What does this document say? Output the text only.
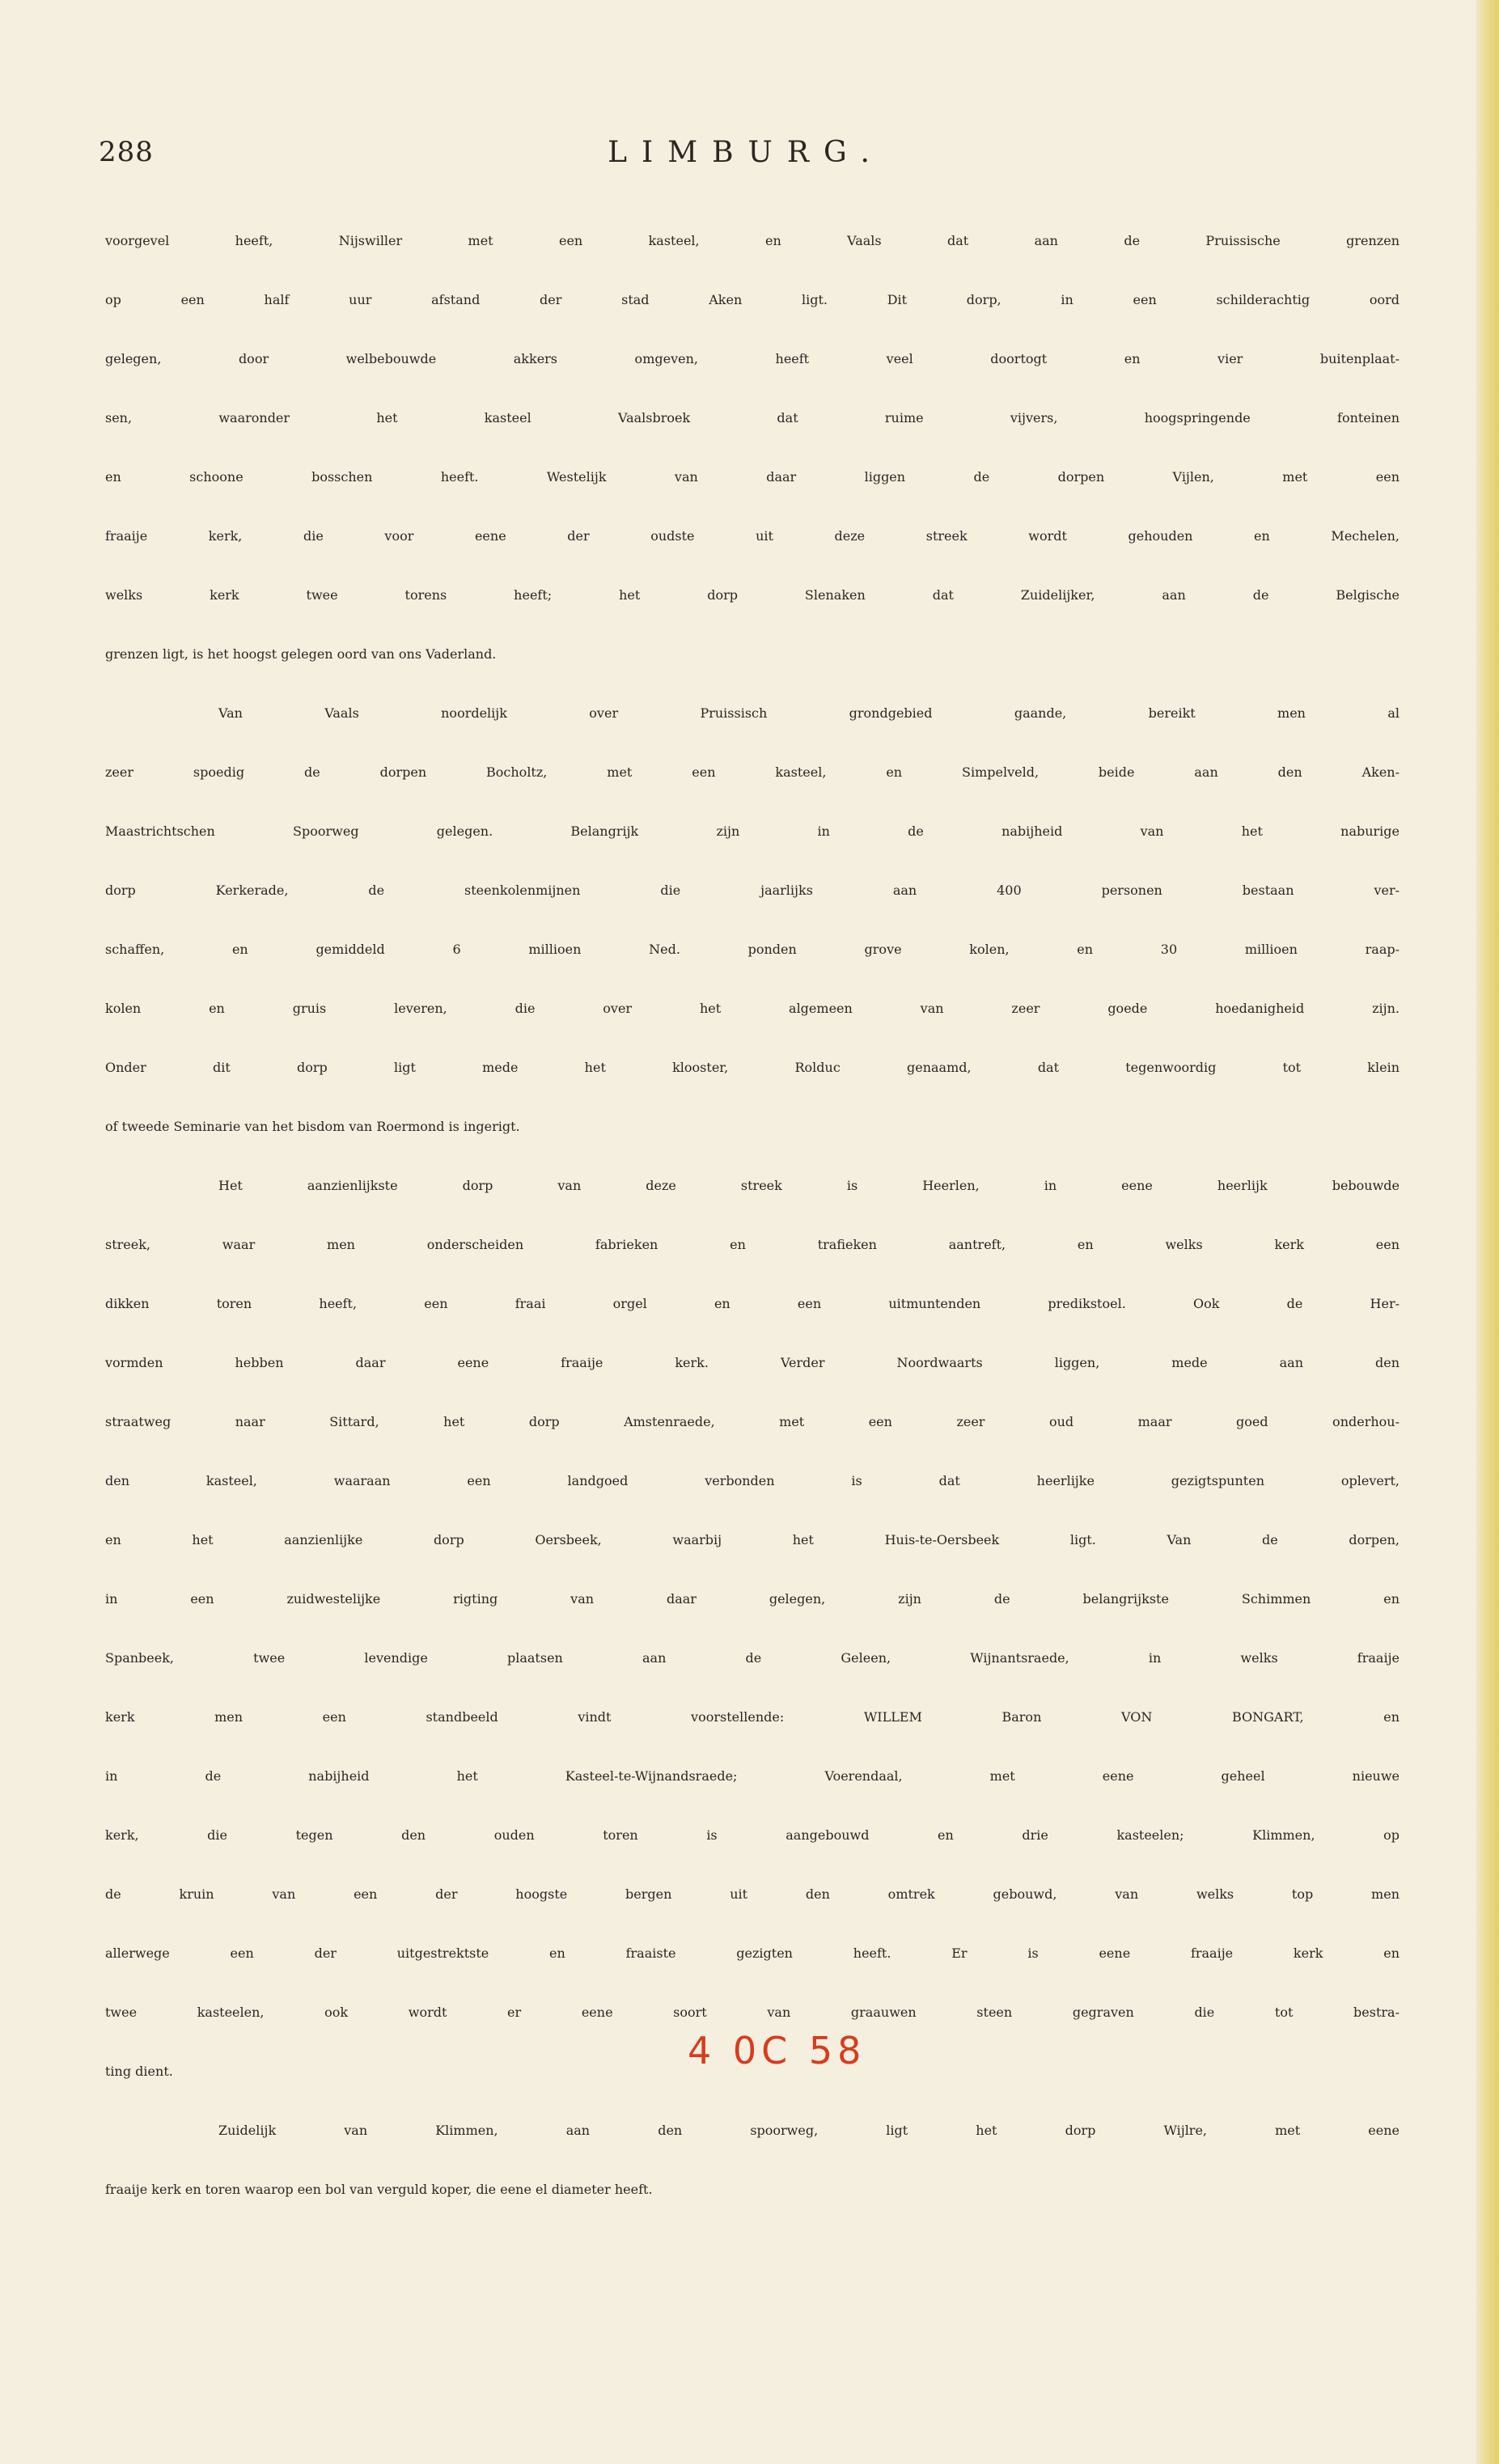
288	LIMBURG.
voorgevel heeft, Nijswiller met een kasteel, en Vaals dat aan de Pruissische grenzen
op een half uur afstand der stad Aken ligt. Dit dorp, in een schilderachtig oord
gelegen, door welbebouwde akkers omgeven, heeft veel doortogt en vier buitenplaat-
sen, waaronder het kasteel Vaalsbroek dat ruime vijvers, hoogspringende fonteinen
en schoone bosschen heeft. Westelijk van daar liggen de dorpen Vijlen, met een
fraaije kerk, die voor eene der oudste uit deze streek wordt gehouden en Mechelen,
welks kerk twee torens heeft; het dorp Slenaken dat Zuidelijker, aan de Belgische
grenzen ligt, is het hoogst gelegen oord van ons Vaderland.
Van Vaals noordelijk over Pruissisch grondgebied gaande, bereikt men al
zeer spoedig de dorpen Bocholtz, met een kasteel, en Simpelveld, beide aan den Aken-
Maastrichtschen Spoorweg gelegen. Belangrijk zijn in de nabijheid van het naburige
dorp Kerkerade, de steenkolenmijnen die jaarlijks aan 400 personen bestaan ver-
schaffen, en gemiddeld 6 millioen Ned. ponden grove kolen, en 30 millioen raap-
kolen en gruis leveren, die over het algemeen van zeer goede hoedanigheid zijn.
Onder dit dorp ligt mede het klooster, Rolduc genaamd, dat tegenwoordig tot klein
of tweede Seminarie van het bisdom van Roermond is ingerigt.
Het aanzienlijkste dorp van deze streek is Heerlen, in eene heerlijk bebouwde
streek, waar men onderscheiden fabrieken en trafieken aantreft, en welks kerk een
dikken toren heeft, een fraai orgel en een uitmuntenden predikstoel. Ook de Her-
vormden hebben daar eene fraaije kerk. Verder Noordwaarts liggen, mede aan den
straatweg naar Sittard, het dorp Amstenraede, met een zeer oud maar goed onderhou-
den kasteel, waaraan een landgoed verbonden is dat heerlijke gezigtspunten oplevert,
en het aanzienlijke dorp Oersbeek, waarbij het Huis-te-Oersbeek ligt. Van de dorpen,
in een zuidwestelijke rigting van daar gelegen, zijn de belangrijkste Schimmen en
Spanbeek, twee levendige plaatsen aan de Geleen, Wijnantsraede, in welks fraaije
kerk men een standbeeld vindt voorstellende: WILLEM Baron VON BONGART, en
in de nabijheid het Kasteel-te-Wijnandsraede; Voerendaal, met eene geheel nieuwe
kerk, die tegen den ouden toren is aangebouwd en drie kasteelen; Klimmen, op
de kruin van een der hoogste bergen uit den omtrek gebouwd, van welks top men
allerwege een der uitgestrektste en fraaiste gezigten heeft. Er is eene fraaije kerk en
twee kasteelen, ook wordt er eene soort van graauwen steen gegraven die tot bestra-
ting dient.
Zuidelijk van Klimmen, aan den spoorweg, ligt het dorp Wijlre, met eene
fraaije kerk en toren waarop een bol van verguld koper, die eene el diameter heeft.
4 0C 58
